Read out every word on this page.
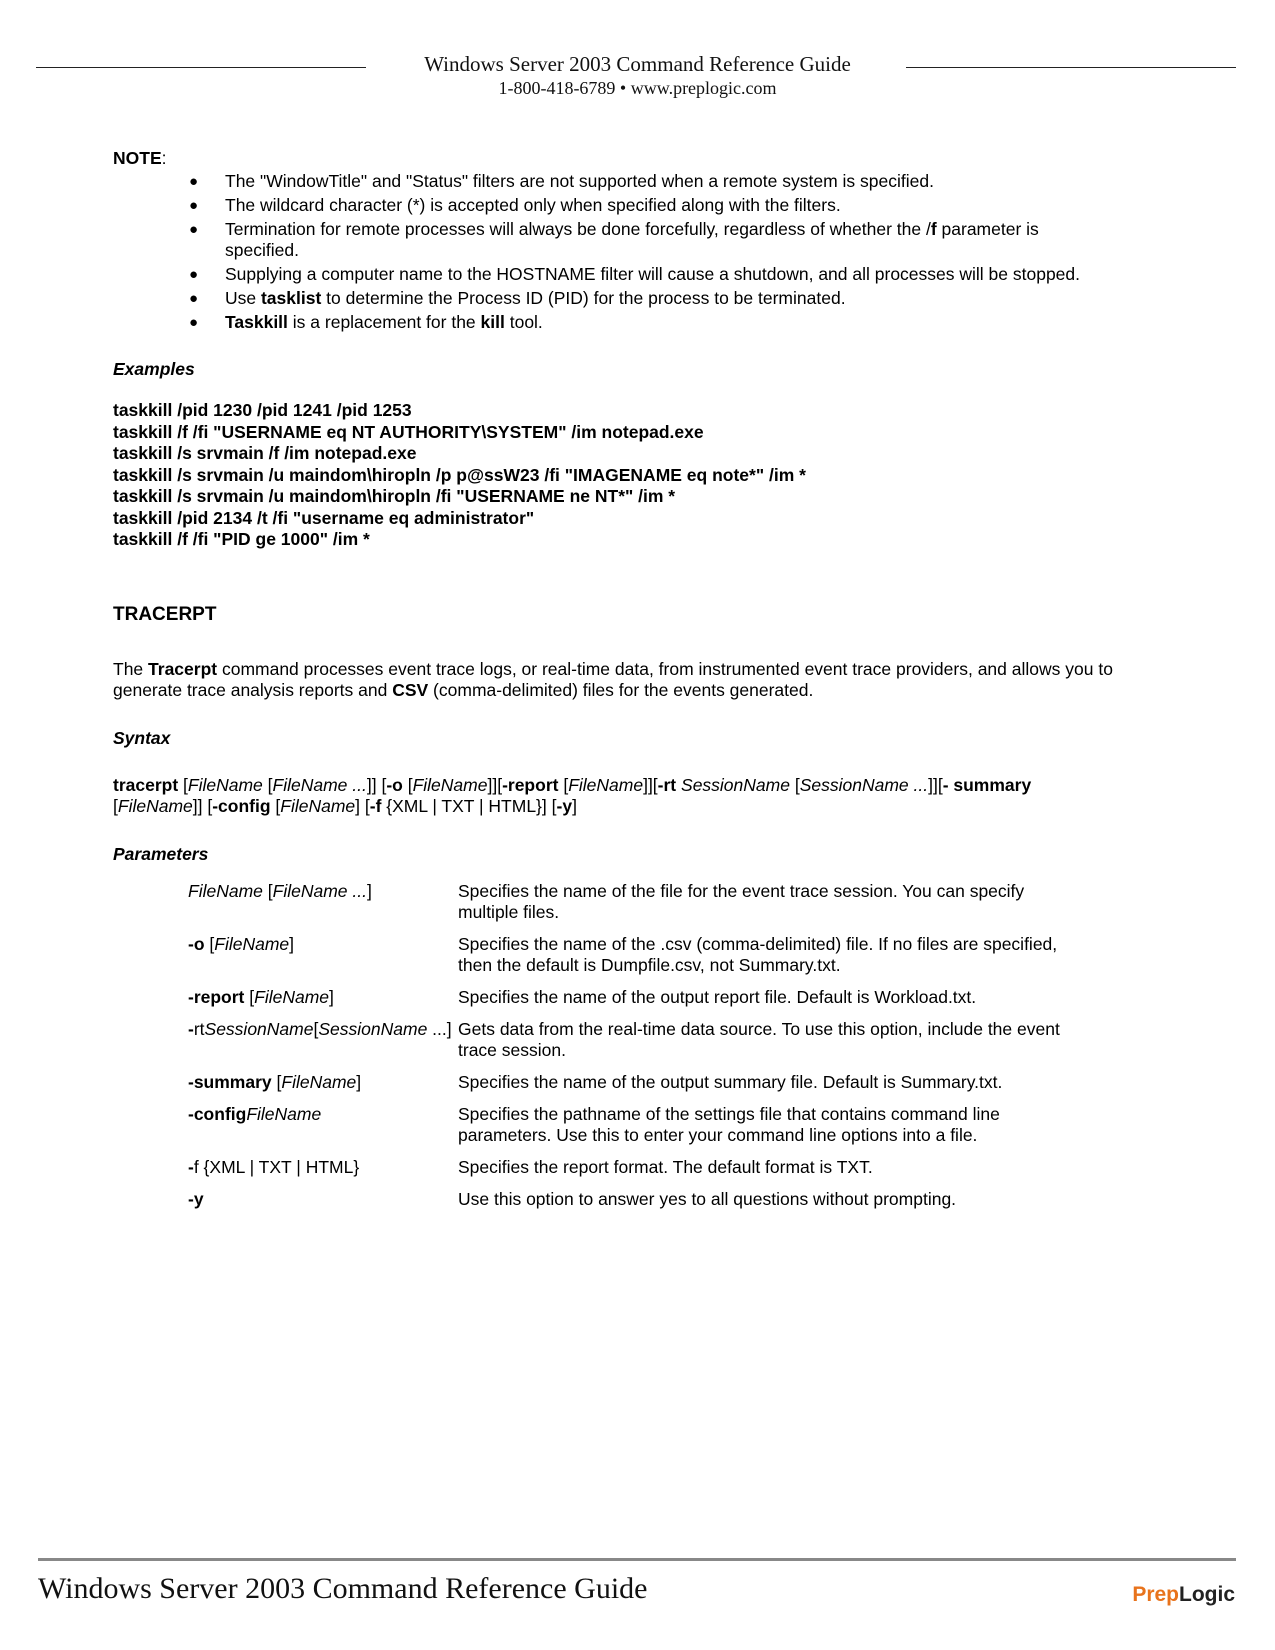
Windows Server 2003 Command Reference Guide
1-800-418-6789 • www.preplogic.com
NOTE:
● The "WindowTitle" and "Status" filters are not supported when a remote system is specified.
● The wildcard character (*) is accepted only when specified along with the filters.
● Termination for remote processes will always be done forcefully, regardless of whether the /f parameter is specified.
● Supplying a computer name to the HOSTNAME filter will cause a shutdown, and all processes will be stopped.
● Use tasklist to determine the Process ID (PID) for the process to be terminated.
● Taskkill is a replacement for the kill tool.
Examples
taskkill /pid 1230 /pid 1241 /pid 1253
taskkill /f /fi "USERNAME eq NT AUTHORITY\SYSTEM" /im notepad.exe
taskkill /s srvmain /f /im notepad.exe
taskkill /s srvmain /u maindom\hiropln /p p@ssW23 /fi "IMAGENAME eq note*" /im *
taskkill /s srvmain /u maindom\hiropln /fi "USERNAME ne NT*" /im *
taskkill /pid 2134 /t /fi "username eq administrator"
taskkill /f /fi "PID ge 1000" /im *
TRACERPT
The Tracerpt command processes event trace logs, or real-time data, from instrumented event trace providers, and allows you to generate trace analysis reports and CSV (comma-delimited) files for the events generated.
Syntax
tracerpt [FileName [FileName ...]] [-o [FileName]][-report [FileName]][-rt SessionName [SessionName ...]][- summary [FileName]] [-config [FileName] [-f {XML | TXT | HTML}] [-y]
Parameters
FileName [FileName ...]	Specifies the name of the file for the event trace session. You can specify multiple files.
-o [FileName]	Specifies the name of the .csv (comma-delimited) file. If no files are specified, then the default is Dumpfile.csv, not Summary.txt.
-report [FileName]	Specifies the name of the output report file. Default is Workload.txt.
-rtSessionName[SessionName ...] Gets data from the real-time data source. To use this option, include the event trace session.
-summary [FileName]	Specifies the name of the output summary file. Default is Summary.txt.
-configFileName	Specifies the pathname of the settings file that contains command line parameters. Use this to enter your command line options into a file.
-f {XML | TXT | HTML}	Specifies the report format. The default format is TXT.
-y	Use this option to answer yes to all questions without prompting.
Windows Server 2003 Command Reference Guide	PrepLogic
